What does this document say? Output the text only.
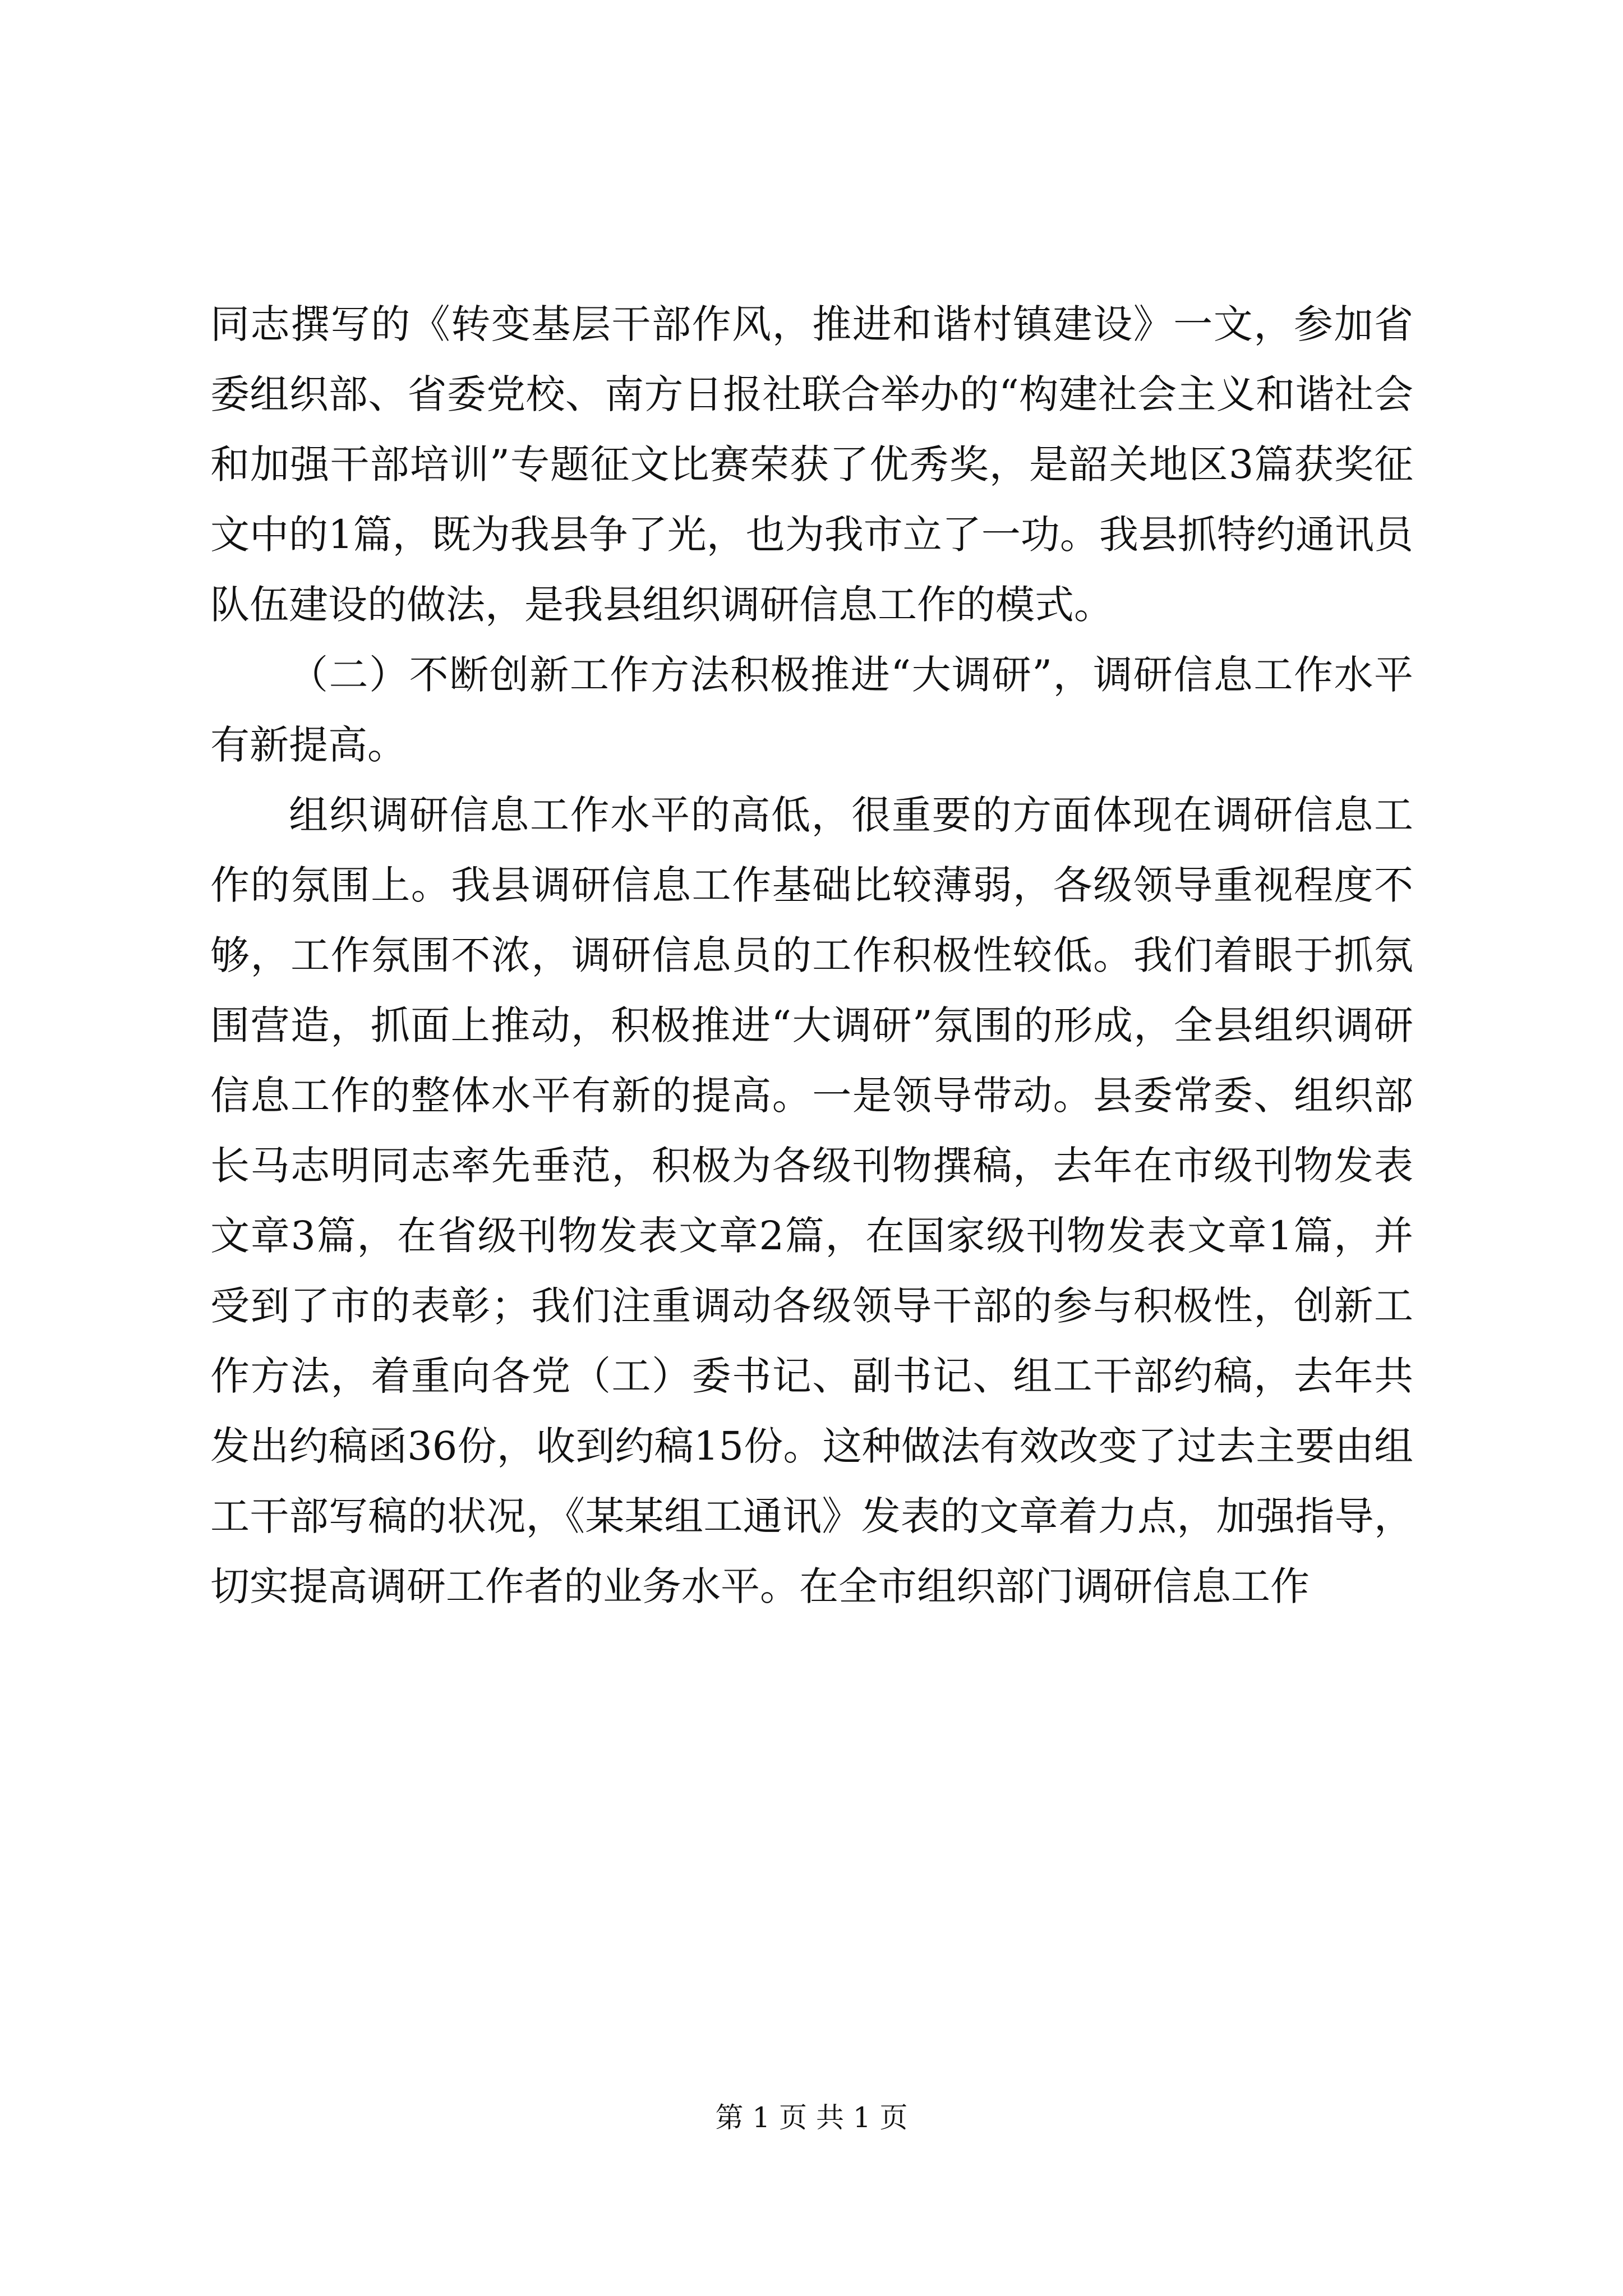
同志撰写的《转变基层干部作风，推进和谐村镇建设》一文，参加省委组织部、省委党校、南方日报社联合举办的“构建社会主义和谐社会和加强干部培训”专题征文比赛荣获了优秀奖，是韶关地区3篇获奖征文中的1篇，既为我县争了光，也为我市立了一功。我县抓特约通讯员队伍建设的做法，是我县组织调研信息工作的模式。

（二）不断创新工作方法积极推进“大调研”，调研信息工作水平有新提高。

组织调研信息工作水平的高低，很重要的方面体现在调研信息工作的氛围上。我县调研信息工作基础比较薄弱，各级领导重视程度不够，工作氛围不浓，调研信息员的工作积极性较低。我们着眼于抓氛围营造，抓面上推动，积极推进“大调研”氛围的形成，全县组织调研信息工作的整体水平有新的提高。一是领导带动。县委常委、组织部长马志明同志率先垂范，积极为各级刊物撰稿，去年在市级刊物发表文章3篇，在省级刊物发表文章2篇，在国家级刊物发表文章1篇，并受到了市的表彰；我们注重调动各级领导干部的参与积极性，创新工作方法，着重向各党（工）委书记、副书记、组工干部约稿，去年共发出约稿函36份，收到约稿15份。这种做法有效改变了过去主要由组工干部写稿的状况，《某某组工通讯》发表的文章着力点，加强指导，切实提高调研工作者的业务水平。在全市组织部门调研信息工作

第 1 页 共 1 页
